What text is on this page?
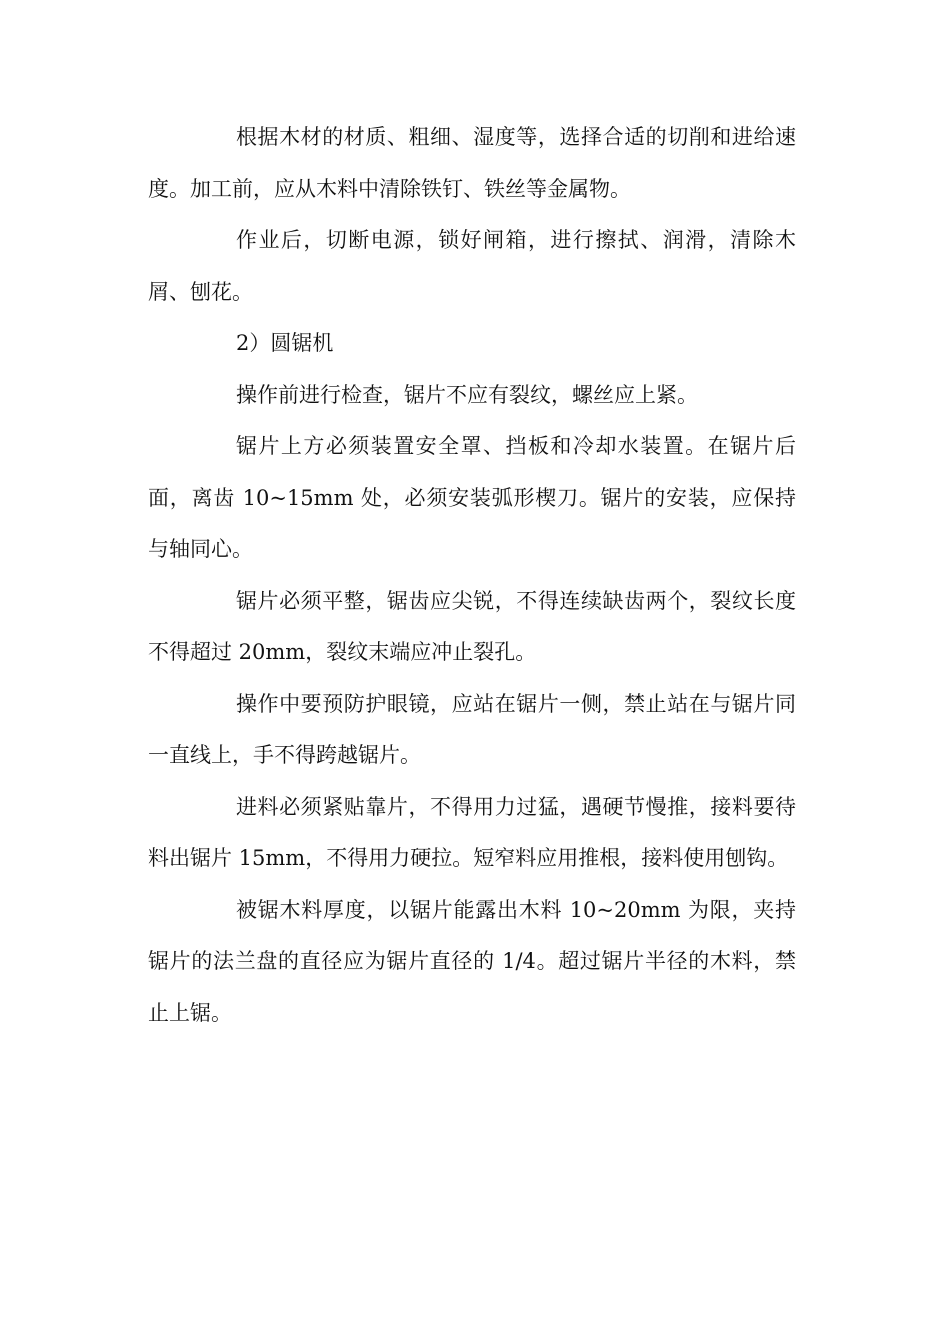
根据木材的材质、粗细、湿度等，选择合适的切削和进给速度。加工前，应从木料中清除铁钉、铁丝等金属物。

作业后，切断电源，锁好闸箱，进行擦拭、润滑，清除木屑、刨花。

2）圆锯机

操作前进行检查，锯片不应有裂纹，螺丝应上紧。

锯片上方必须装置安全罩、挡板和冷却水装置。在锯片后面，离齿 10~15mm 处，必须安装弧形楔刀。锯片的安装，应保持与轴同心。

锯片必须平整，锯齿应尖锐，不得连续缺齿两个，裂纹长度不得超过 20mm，裂纹末端应冲止裂孔。

操作中要预防护眼镜，应站在锯片一侧，禁止站在与锯片同一直线上，手不得跨越锯片。

进料必须紧贴靠片，不得用力过猛，遇硬节慢推，接料要待料出锯片 15mm，不得用力硬拉。短窄料应用推根，接料使用刨钩。

被锯木料厚度，以锯片能露出木料 10~20mm 为限，夹持锯片的法兰盘的直径应为锯片直径的 1/4。超过锯片半径的木料，禁止上锯。
